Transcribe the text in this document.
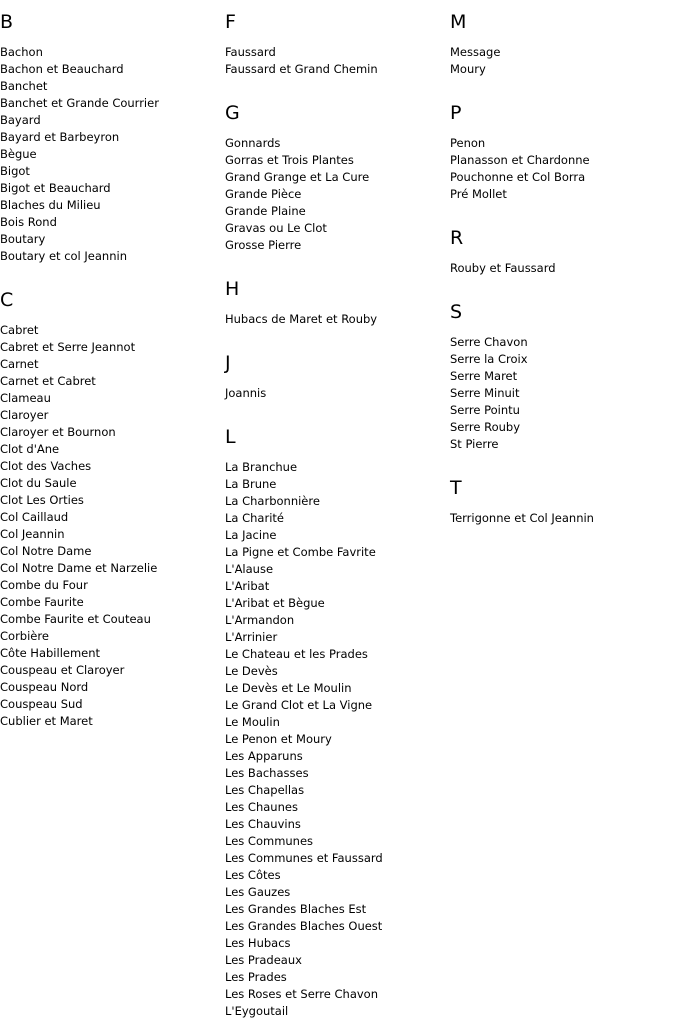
B
Bachon
Bachon et Beauchard
Banchet
Banchet et Grande Courrier
Bayard
Bayard et Barbeyron
Bègue
Bigot
Bigot et Beauchard
Blaches du Milieu
Bois Rond
Boutary
Boutary et col Jeannin
C
Cabret
Cabret et Serre Jeannot
Carnet
Carnet et Cabret
Clameau
Claroyer
Claroyer et Bournon
Clot d'Ane
Clot des Vaches
Clot du Saule
Clot Les Orties
Col Caillaud
Col Jeannin
Col Notre Dame
Col Notre Dame et Narzelie
Combe du Four
Combe Faurite
Combe Faurite et Couteau
Corbière
Côte Habillement
Couspeau et Claroyer
Couspeau Nord
Couspeau Sud
Cublier et Maret
F
Faussard
Faussard et Grand Chemin
G
Gonnards
Gorras et Trois Plantes
Grand Grange et La Cure
Grande Pièce
Grande Plaine
Gravas ou Le Clot
Grosse Pierre
H
Hubacs de Maret et Rouby
J
Joannis
L
La Branchue
La Brune
La Charbonnière
La Charité
La Jacine
La Pigne et Combe Favrite
L'Alause
L'Aribat
L'Aribat et Bègue
L'Armandon
L'Arrinier
Le Chateau et les Prades
Le Devès
Le Devès et Le Moulin
Le Grand Clot et La Vigne
Le Moulin
Le Penon et Moury
Les Apparuns
Les Bachasses
Les Chapellas
Les Chaunes
Les Chauvins
Les Communes
Les Communes et Faussard
Les Côtes
Les Gauzes
Les Grandes Blaches Est
Les Grandes Blaches Ouest
Les Hubacs
Les Pradeaux
Les Prades
Les Roses et Serre Chavon
L'Eygoutail
M
Message
Moury
P
Penon
Planasson et Chardonne
Pouchonne et Col Borra
Pré Mollet
R
Rouby et Faussard
S
Serre Chavon
Serre la Croix
Serre Maret
Serre Minuit
Serre Pointu
Serre Rouby
St Pierre
T
Terrigonne et Col Jeannin
